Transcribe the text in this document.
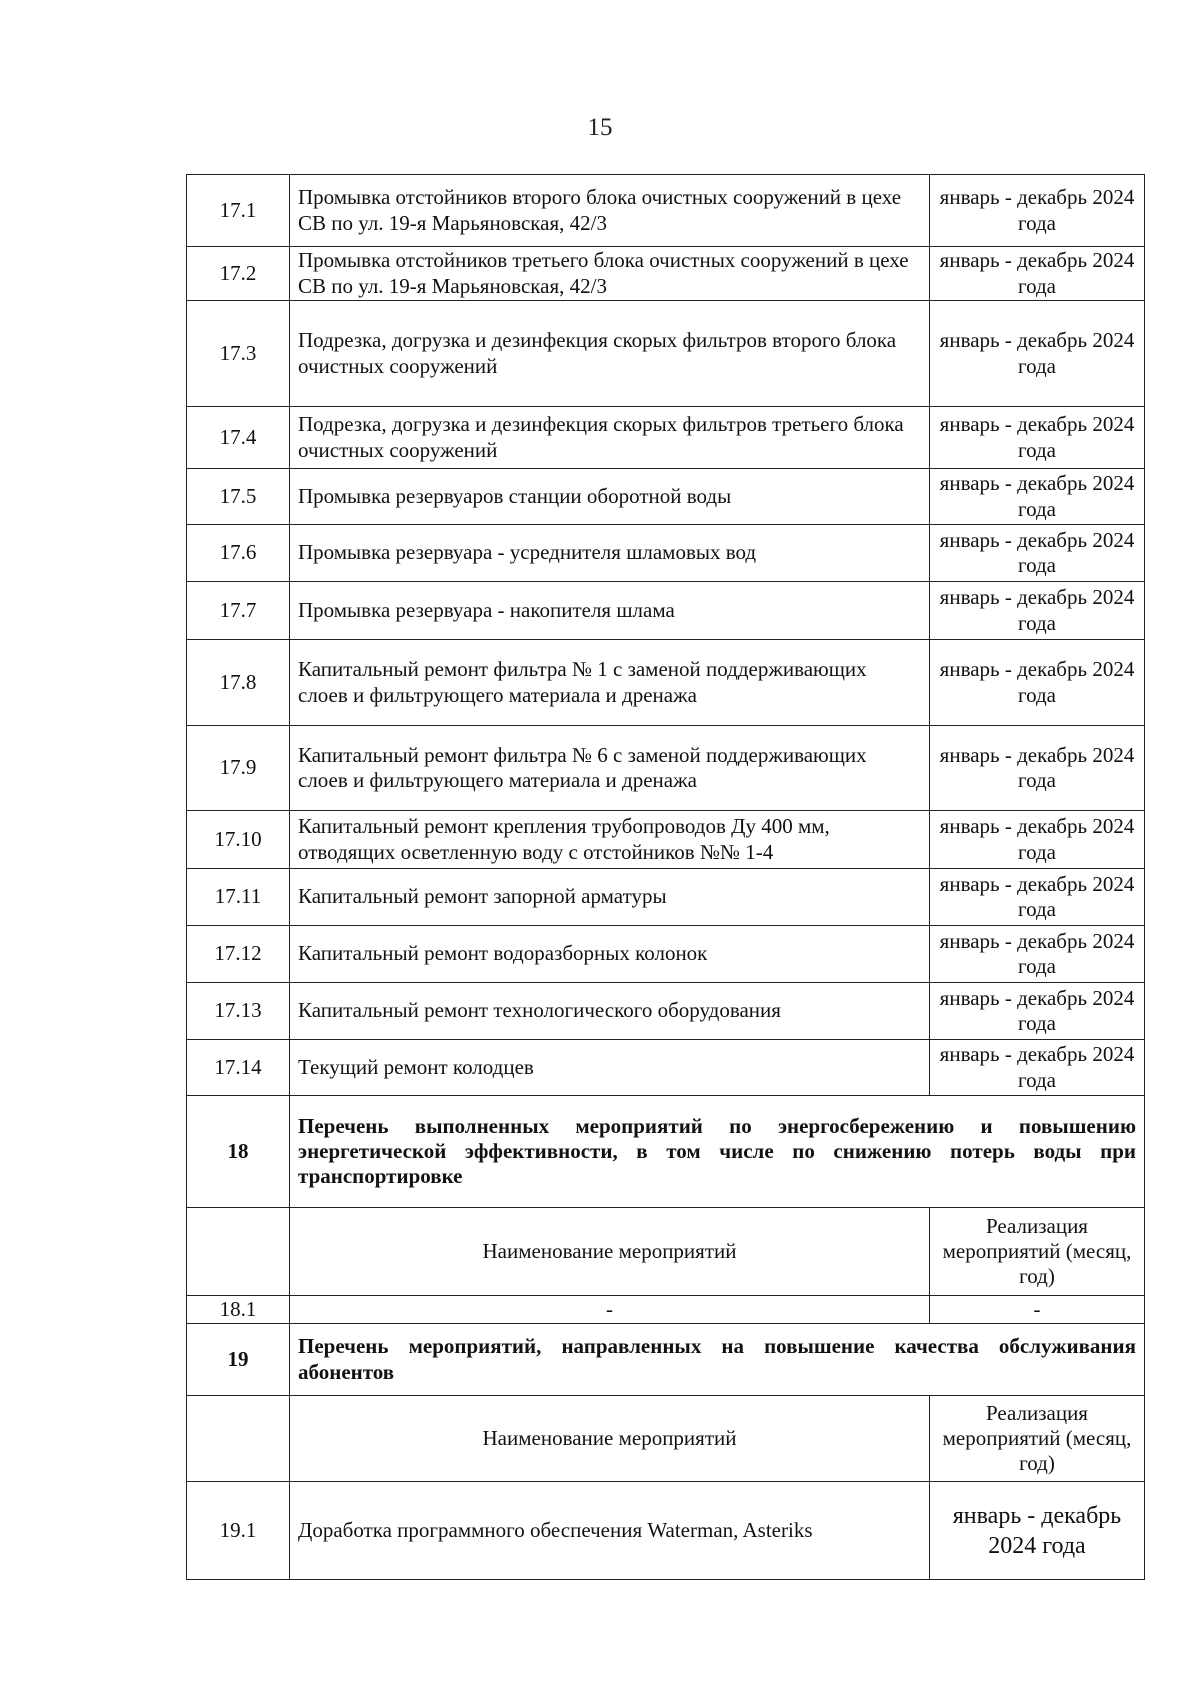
15
17.1	Промывка отстойников второго блока очистных сооружений в цехе СВ по ул. 19-я Марьяновская, 42/3	январь - декабрь 2024 года
17.2	Промывка отстойников третьего блока очистных сооружений в цехе СВ по ул. 19-я Марьяновская, 42/3	январь - декабрь 2024 года
17.3	Подрезка, догрузка и дезинфекция скорых фильтров второго блока очистных сооружений	январь - декабрь 2024 года
17.4	Подрезка, догрузка и дезинфекция скорых фильтров третьего блока очистных сооружений	январь - декабрь 2024 года
17.5	Промывка резервуаров станции оборотной воды	январь - декабрь 2024 года
17.6	Промывка резервуара - усреднителя шламовых вод	январь - декабрь 2024 года
17.7	Промывка резервуара - накопителя шлама	январь - декабрь 2024 года
17.8	Капитальный ремонт фильтра № 1 с заменой поддерживающих слоев и фильтрующего материала и дренажа	январь - декабрь 2024 года
17.9	Капитальный ремонт фильтра № 6 с заменой поддерживающих слоев и фильтрующего материала и дренажа	январь - декабрь 2024 года
17.10	Капитальный ремонт крепления трубопроводов Ду 400 мм, отводящих осветленную воду с отстойников №№ 1-4	январь - декабрь 2024 года
17.11	Капитальный ремонт запорной арматуры	январь - декабрь 2024 года
17.12	Капитальный ремонт водоразборных колонок	январь - декабрь 2024 года
17.13	Капитальный ремонт технологического оборудования	январь - декабрь 2024 года
17.14	Текущий ремонт колодцев	январь - декабрь 2024 года
18	Перечень выполненных мероприятий по энергосбережению и повышению энергетической эффективности, в том числе по снижению потерь воды при транспортировке	
	Наименование мероприятий	Реализация мероприятий (месяц, год)
18.1	-	-
19	Перечень мероприятий, направленных на повышение качества обслуживания абонентов	
	Наименование мероприятий	Реализация мероприятий (месяц, год)
19.1	Доработка программного обеспечения Waterman, Asteriks	январь - декабрь 2024 года
